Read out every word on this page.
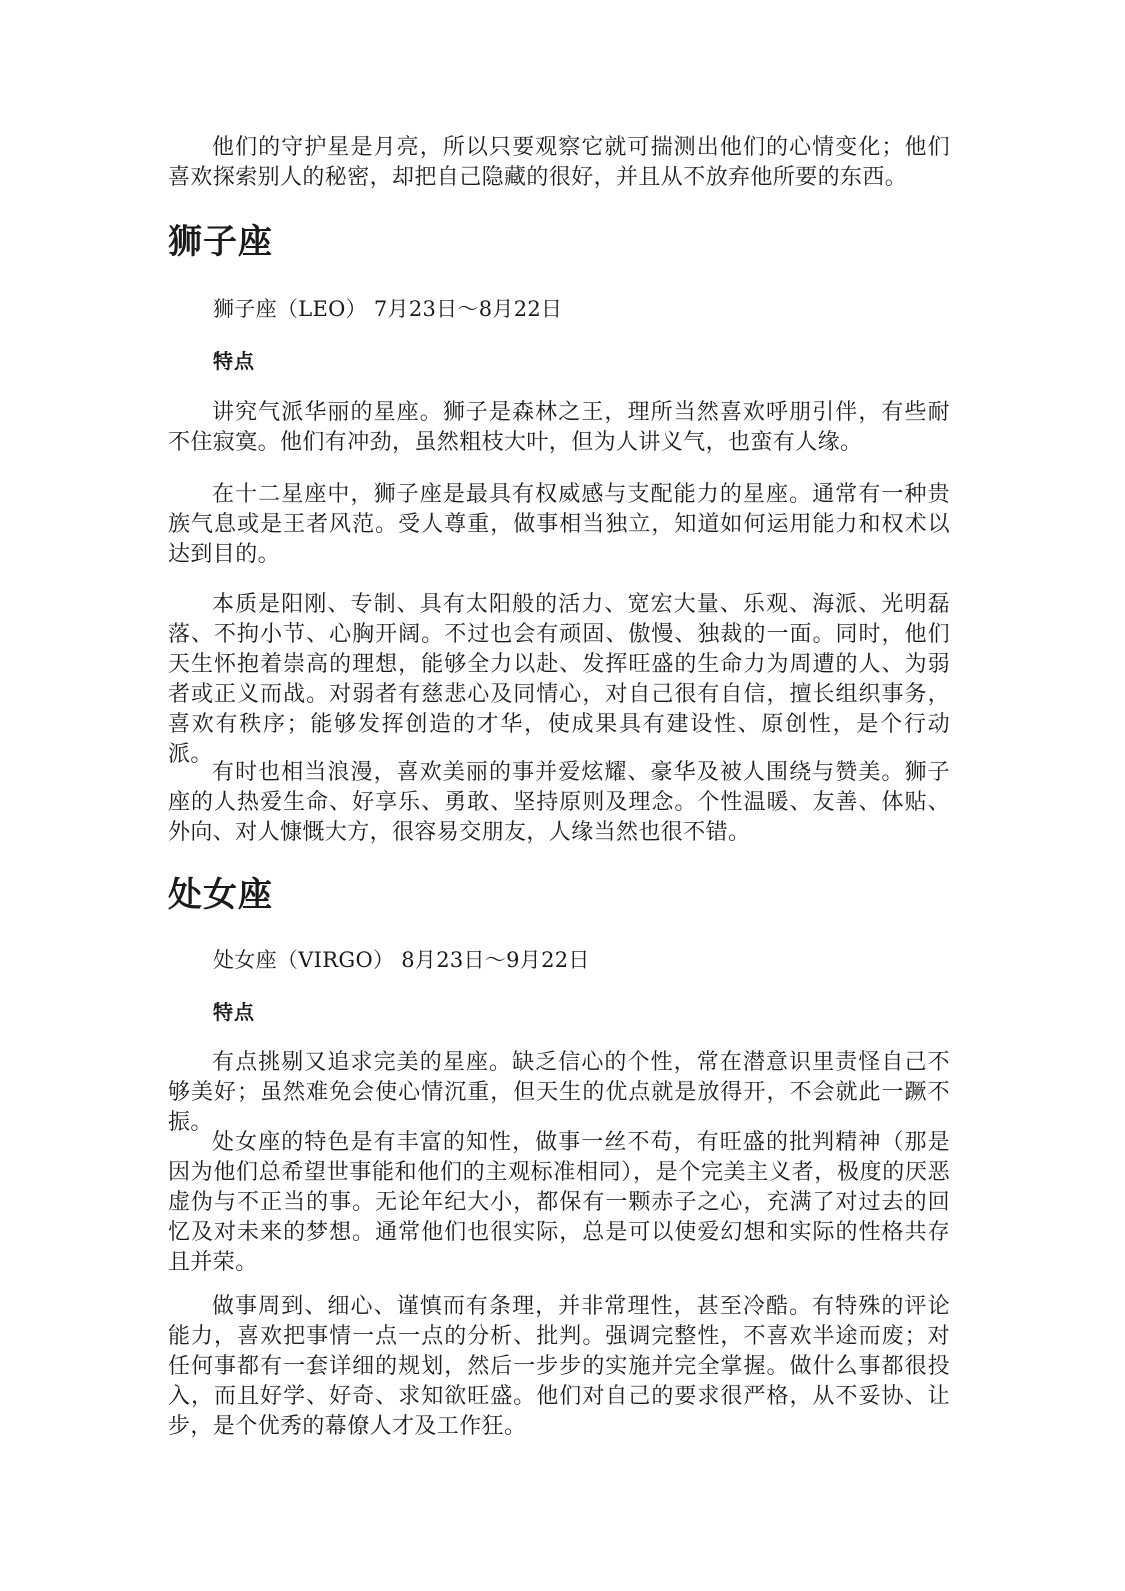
他们的守护星是月亮，所以只要观察它就可揣测出他们的心情变化；他们喜欢探索别人的秘密，却把自己隐藏的很好，并且从不放弃他所要的东西。

狮子座

狮子座（LEO） 7月23日～8月22日

特点

讲究气派华丽的星座。狮子是森林之王，理所当然喜欢呼朋引伴，有些耐不住寂寞。他们有冲劲，虽然粗枝大叶，但为人讲义气，也蛮有人缘。

在十二星座中，狮子座是最具有权威感与支配能力的星座。通常有一种贵族气息或是王者风范。受人尊重，做事相当独立，知道如何运用能力和权术以达到目的。

本质是阳刚、专制、具有太阳般的活力、宽宏大量、乐观、海派、光明磊落、不拘小节、心胸开阔。不过也会有顽固、傲慢、独裁的一面。同时，他们天生怀抱着崇高的理想，能够全力以赴、发挥旺盛的生命力为周遭的人、为弱者或正义而战。对弱者有慈悲心及同情心，对自己很有自信，擅长组织事务，喜欢有秩序；能够发挥创造的才华，使成果具有建设性、原创性，是个行动派。

有时也相当浪漫，喜欢美丽的事并爱炫耀、豪华及被人围绕与赞美。狮子座的人热爱生命、好享乐、勇敢、坚持原则及理念。个性温暖、友善、体贴、外向、对人慷慨大方，很容易交朋友，人缘当然也很不错。

处女座

处女座（VIRGO） 8月23日～9月22日

特点

有点挑剔又追求完美的星座。缺乏信心的个性，常在潜意识里责怪自己不够美好；虽然难免会使心情沉重，但天生的优点就是放得开，不会就此一蹶不振。

处女座的特色是有丰富的知性，做事一丝不苟，有旺盛的批判精神（那是因为他们总希望世事能和他们的主观标准相同），是个完美主义者，极度的厌恶虚伪与不正当的事。无论年纪大小，都保有一颗赤子之心，充满了对过去的回忆及对未来的梦想。通常他们也很实际，总是可以使爱幻想和实际的性格共存且并荣。

做事周到、细心、谨慎而有条理，并非常理性，甚至冷酷。有特殊的评论能力，喜欢把事情一点一点的分析、批判。强调完整性，不喜欢半途而废；对任何事都有一套详细的规划，然后一步步的实施并完全掌握。做什么事都很投入，而且好学、好奇、求知欲旺盛。他们对自己的要求很严格，从不妥协、让步，是个优秀的幕僚人才及工作狂。
